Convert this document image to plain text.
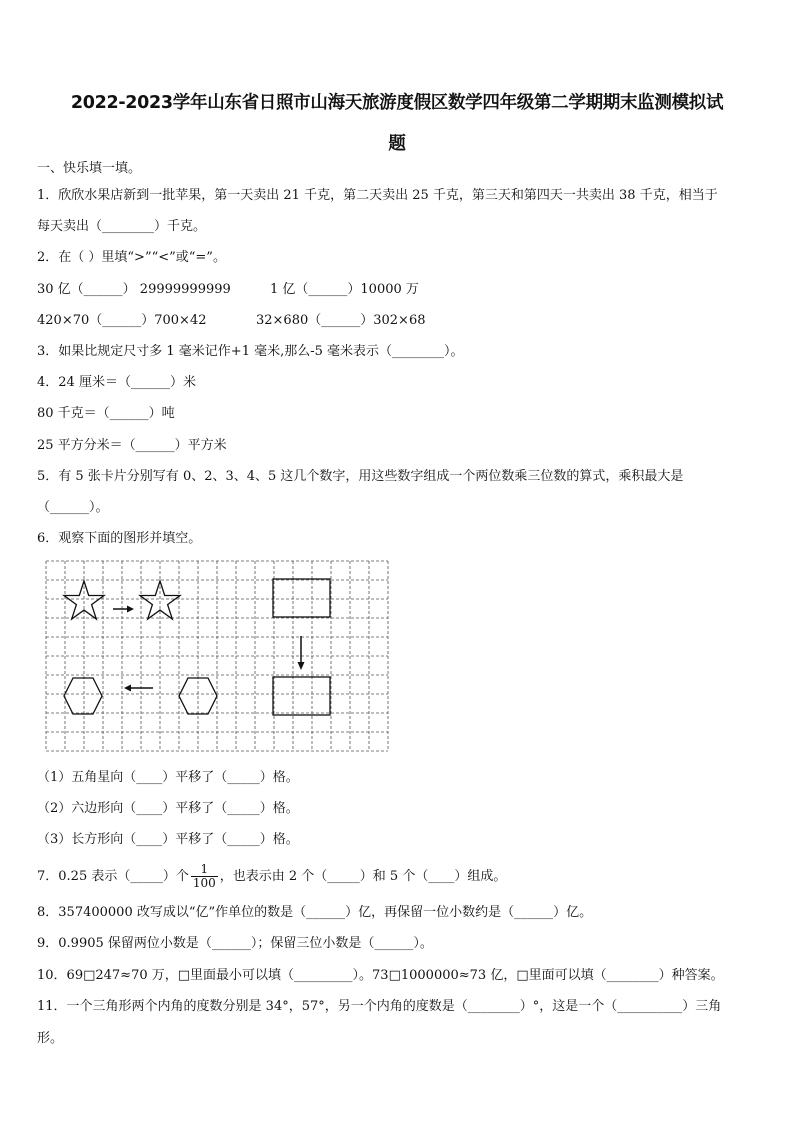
2022-2023学年山东省日照市山海天旅游度假区数学四年级第二学期期末监测模拟试
题
一、快乐填一填。
1．欣欣水果店新到一批苹果，第一天卖出 21 千克，第二天卖出 25 千克，第三天和第四天一共卖出 38 千克，相当于
每天卖出（________）千克。
2．在（ ）里填“>”“<”或“=”。
30 亿（______） 29999999999	1 亿（______）10000 万
420×70（______）700×42	32×680（______）302×68
3．如果比规定尺寸多 1 毫米记作+1 毫米,那么-5 毫米表示（________）。
4．24 厘米＝（______）米
80 千克＝（______）吨
25 平方分米＝（______）平方米
5．有 5 张卡片分别写有 0、2、3、4、5 这几个数字，用这些数字组成一个两位数乘三位数的算式，乘积最大是
（______）。
6．观察下面的图形并填空。
（1）五角星向（____）平移了（_____）格。
（2）六边形向（____）平移了（_____）格。
（3）长方形向（____）平移了（_____）格。
7．0.25 表示（_____）个 $\frac{1}{100}$ ，也表示由 2 个（_____）和 5 个（____）组成。
8．357400000 改写成以“亿”作单位的数是（______）亿，再保留一位小数约是（______）亿。
9．0.9905 保留两位小数是（______）；保留三位小数是（______）。
10．69□247≈70 万，□里面最小可以填（_________）。73□1000000≈73 亿，□里面可以填（________）种答案。
11．一个三角形两个内角的度数分别是 34°，57°，另一个内角的度数是（________）°，这是一个（__________）三角
形。
